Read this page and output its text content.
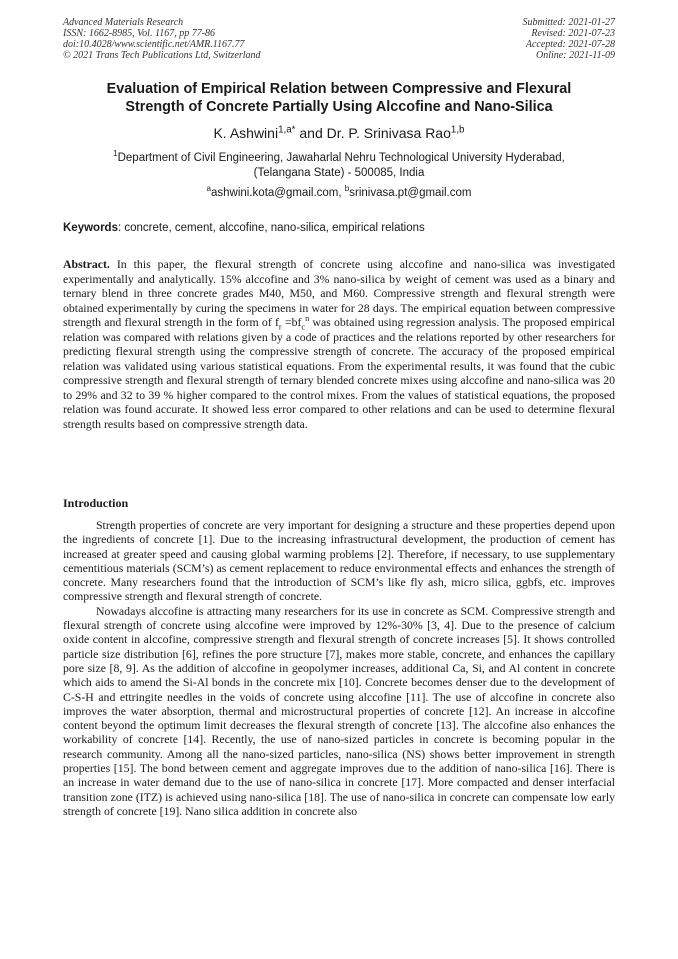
Advanced Materials Research
ISSN: 1662-8985, Vol. 1167, pp 77-86
doi:10.4028/www.scientific.net/AMR.1167.77
© 2021 Trans Tech Publications Ltd, Switzerland
Submitted: 2021-01-27
Revised: 2021-07-23
Accepted: 2021-07-28
Online: 2021-11-09
Evaluation of Empirical Relation between Compressive and Flexural
Strength of Concrete Partially Using Alccofine and Nano-Silica
K. Ashwini$^{1,a*}$ and Dr. P. Srinivasa Rao$^{1,b}$
$^1$Department of Civil Engineering, Jawaharlal Nehru Technological University Hyderabad,
(Telangana State) - 500085, India
$^a$ashwini.kota@gmail.com, $^b$srinivasa.pt@gmail.com
Keywords: concrete, cement, alccofine, nano-silica, empirical relations
Abstract. In this paper, the flexural strength of concrete using alccofine and nano-silica was investigated experimentally and analytically. 15% alccofine and 3% nano-silica by weight of cement was used as a binary and ternary blend in three concrete grades M40, M50, and M60. Compressive strength and flexural strength were obtained experimentally by curing the specimens in water for 28 days. The empirical equation between compressive strength and flexural strength in the form of $f_r =bf_c^n$ was obtained using regression analysis. The proposed empirical relation was compared with relations given by a code of practices and the relations reported by other researchers for predicting flexural strength using the compressive strength of concrete. The accuracy of the proposed empirical relation was validated using various statistical equations. From the experimental results, it was found that the cubic compressive strength and flexural strength of ternary blended concrete mixes using alccofine and nano-silica was 20 to 29% and 32 to 39 % higher compared to the control mixes. From the values of statistical equations, the proposed relation was found accurate. It showed less error compared to other relations and can be used to determine flexural strength results based on compressive strength data.
Introduction

Strength properties of concrete are very important for designing a structure and these properties depend upon the ingredients of concrete [1]. Due to the increasing infrastructural development, the production of cement has increased at greater speed and causing global warming problems [2]. Therefore, if necessary, to use supplementary cementitious materials (SCM’s) as cement replacement to reduce environmental effects and enhances the strength of concrete. Many researchers found that the introduction of SCM’s like fly ash, micro silica, ggbfs, etc. improves compressive strength and flexural strength of concrete.

Nowadays alccofine is attracting many researchers for its use in concrete as SCM. Compressive strength and flexural strength of concrete using alccofine were improved by 12%-30% [3, 4]. Due to the presence of calcium oxide content in alccofine, compressive strength and flexural strength of concrete increases [5]. It shows controlled particle size distribution [6], refines the pore structure [7], makes more stable, concrete, and enhances the capillary pore size [8, 9]. As the addition of alccofine in geopolymer increases, additional Ca, Si, and Al content in concrete which aids to amend the Si-Al bonds in the concrete mix [10]. Concrete becomes denser due to the development of C-S-H and ettringite needles in the voids of concrete using alccofine [11]. The use of alccofine in concrete also improves the water absorption, thermal and microstructural properties of concrete [12]. An increase in alccofine content beyond the optimum limit decreases the flexural strength of concrete [13]. The alccofine also enhances the workability of concrete [14]. Recently, the use of nano-sized particles in concrete is becoming popular in the research community. Among all the nano-sized particles, nano-silica (NS) shows better improvement in strength properties [15]. The bond between cement and aggregate improves due to the addition of nano-silica [16]. There is an increase in water demand due to the use of nano-silica in concrete [17]. More compacted and denser interfacial transition zone (ITZ) is achieved using nano-silica [18]. The use of nano-silica in concrete can compensate low early strength of concrete [19]. Nano silica addition in concrete also
